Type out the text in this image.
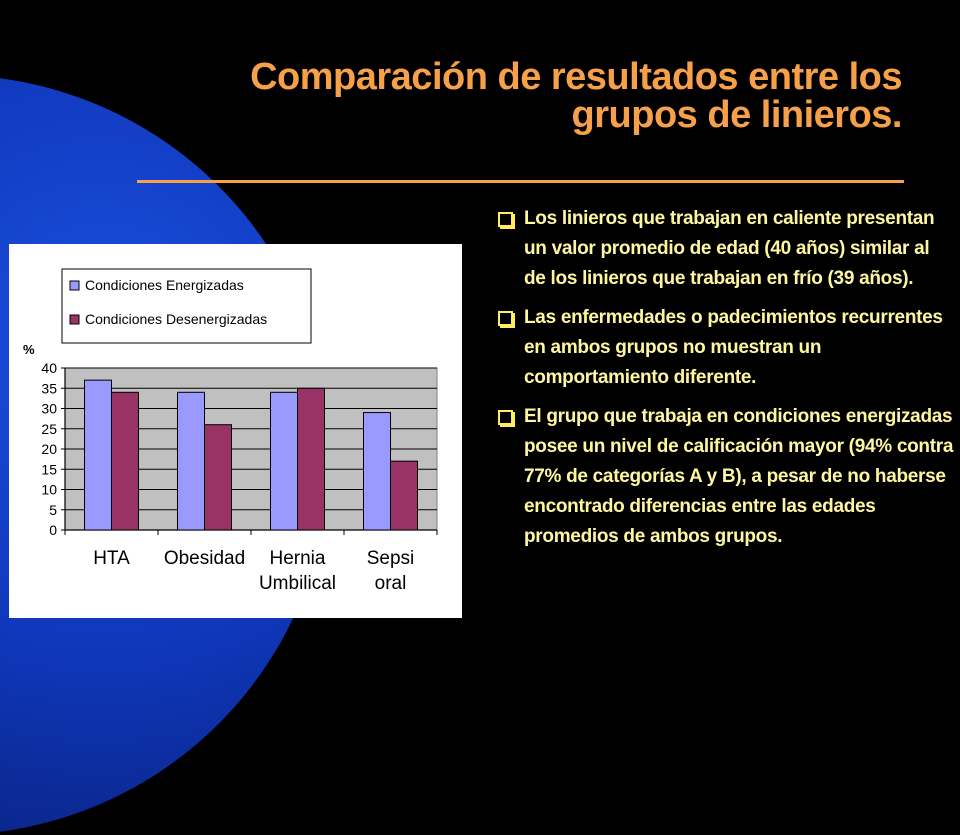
Comparación de resultados entre los
grupos de linieros.
0
5
10
15
20
25
30
35
40
%
HTA Obesidad Hernia
Umbilical
Sepsi
oral
Condiciones Energizadas
Condiciones Desenergizadas
Los linieros que trabajan en caliente presentan un valor promedio de edad (40 años) similar al de los linieros que trabajan en frío (39 años).
Las enfermedades o padecimientos recurrentes en ambos grupos no muestran un comportamiento diferente.
El grupo que trabaja en condiciones energizadas posee un nivel de calificación mayor (94% contra 77% de categorías A y B), a pesar de no haberse encontrado diferencias entre las edades promedios de ambos grupos.
